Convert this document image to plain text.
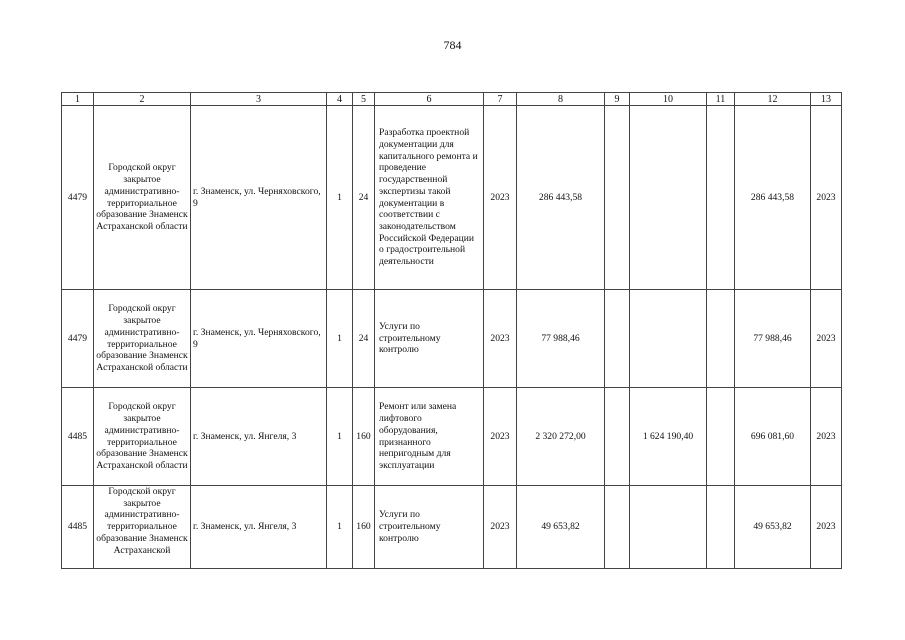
784
1	2	3	4	5	6	7	8	9	10	11	12	13
4479	Городской округ закрытое административно-территориальное образование Знаменск Астраханской области	г. Знаменск, ул. Черняховского, 9	1	24	Разработка проектной документации для капитального ремонта и проведение государственной экспертизы такой документации в соответствии с законодательством Российской Федерации о градостроительной деятельности	2023	286 443,58				286 443,58	2023
4479	Городской округ закрытое административно-территориальное образование Знаменск Астраханской области	г. Знаменск, ул. Черняховского, 9	1	24	Услуги по строительному контролю	2023	77 988,46				77 988,46	2023
4485	Городской округ закрытое административно-территориальное образование Знаменск Астраханской области	г. Знаменск, ул. Янгеля, 3	1	160	Ремонт или замена лифтового оборудования, признанного непригодным для эксплуатации	2023	2 320 272,00		1 624 190,40		696 081,60	2023
4485	Городской округ закрытое административно-территориальное образование Знаменск Астраханской	г. Знаменск, ул. Янгеля, 3	1	160	Услуги по строительному контролю	2023	49 653,82				49 653,82	2023
